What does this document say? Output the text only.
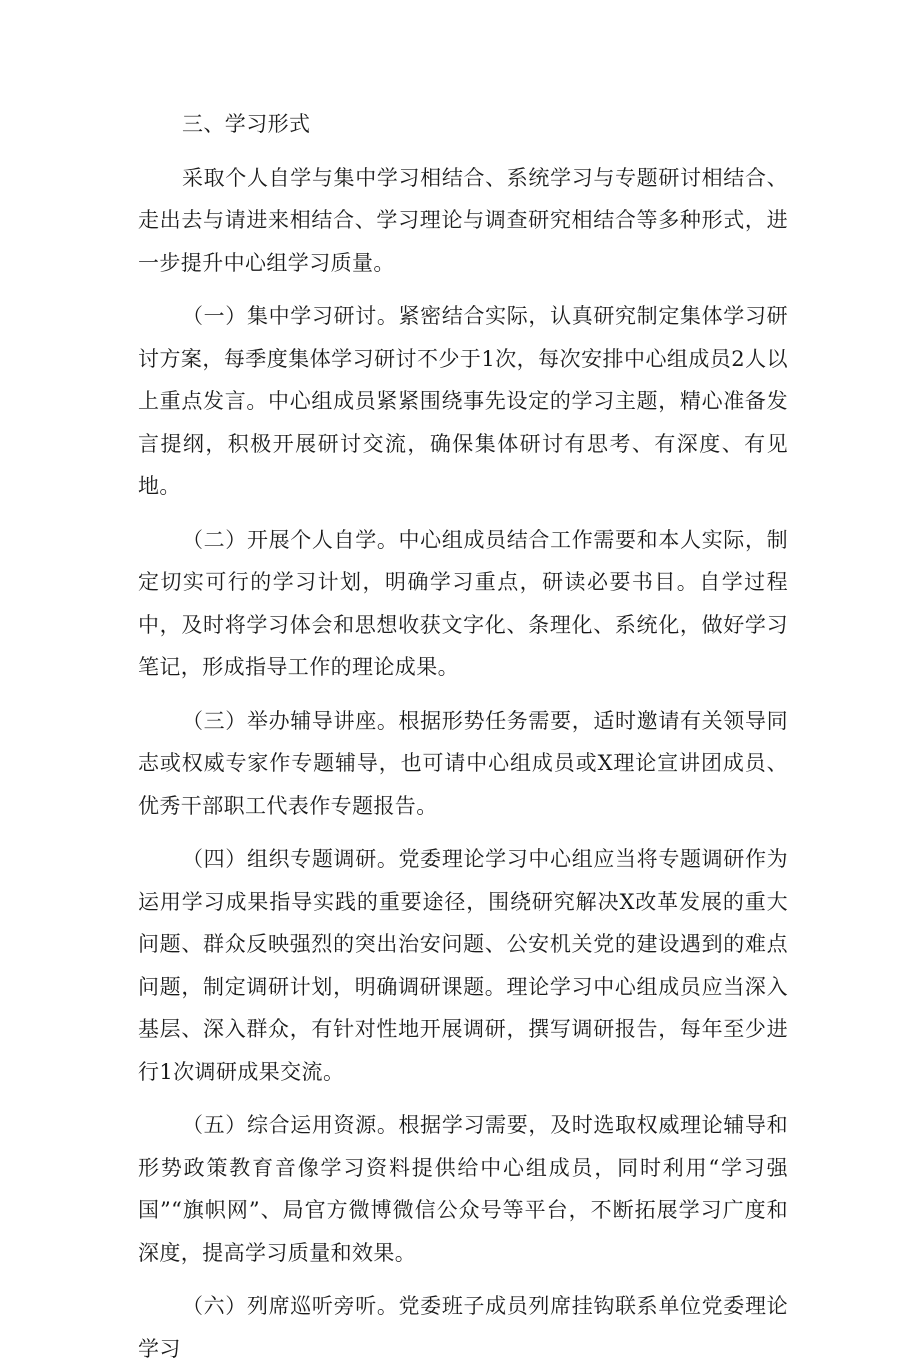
三、学习形式

采取个人自学与集中学习相结合、系统学习与专题研讨相结合、走出去与请进来相结合、学习理论与调查研究相结合等多种形式，进一步提升中心组学习质量。

（一）集中学习研讨。紧密结合实际，认真研究制定集体学习研讨方案，每季度集体学习研讨不少于1次，每次安排中心组成员2人以上重点发言。中心组成员紧紧围绕事先设定的学习主题，精心准备发言提纲，积极开展研讨交流，确保集体研讨有思考、有深度、有见地。

（二）开展个人自学。中心组成员结合工作需要和本人实际，制定切实可行的学习计划，明确学习重点，研读必要书目。自学过程中，及时将学习体会和思想收获文字化、条理化、系统化，做好学习笔记，形成指导工作的理论成果。

（三）举办辅导讲座。根据形势任务需要，适时邀请有关领导同志或权威专家作专题辅导，也可请中心组成员或X理论宣讲团成员、优秀干部职工代表作专题报告。

（四）组织专题调研。党委理论学习中心组应当将专题调研作为运用学习成果指导实践的重要途径，围绕研究解决X改革发展的重大问题、群众反映强烈的突出治安问题、公安机关党的建设遇到的难点问题，制定调研计划，明确调研课题。理论学习中心组成员应当深入基层、深入群众，有针对性地开展调研，撰写调研报告，每年至少进行1次调研成果交流。

（五）综合运用资源。根据学习需要，及时选取权威理论辅导和形势政策教育音像学习资料提供给中心组成员，同时利用“学习强国”“旗帜网”、局官方微博微信公众号等平台，不断拓展学习广度和深度，提高学习质量和效果。

（六）列席巡听旁听。党委班子成员列席挂钩联系单位党委理论学习
